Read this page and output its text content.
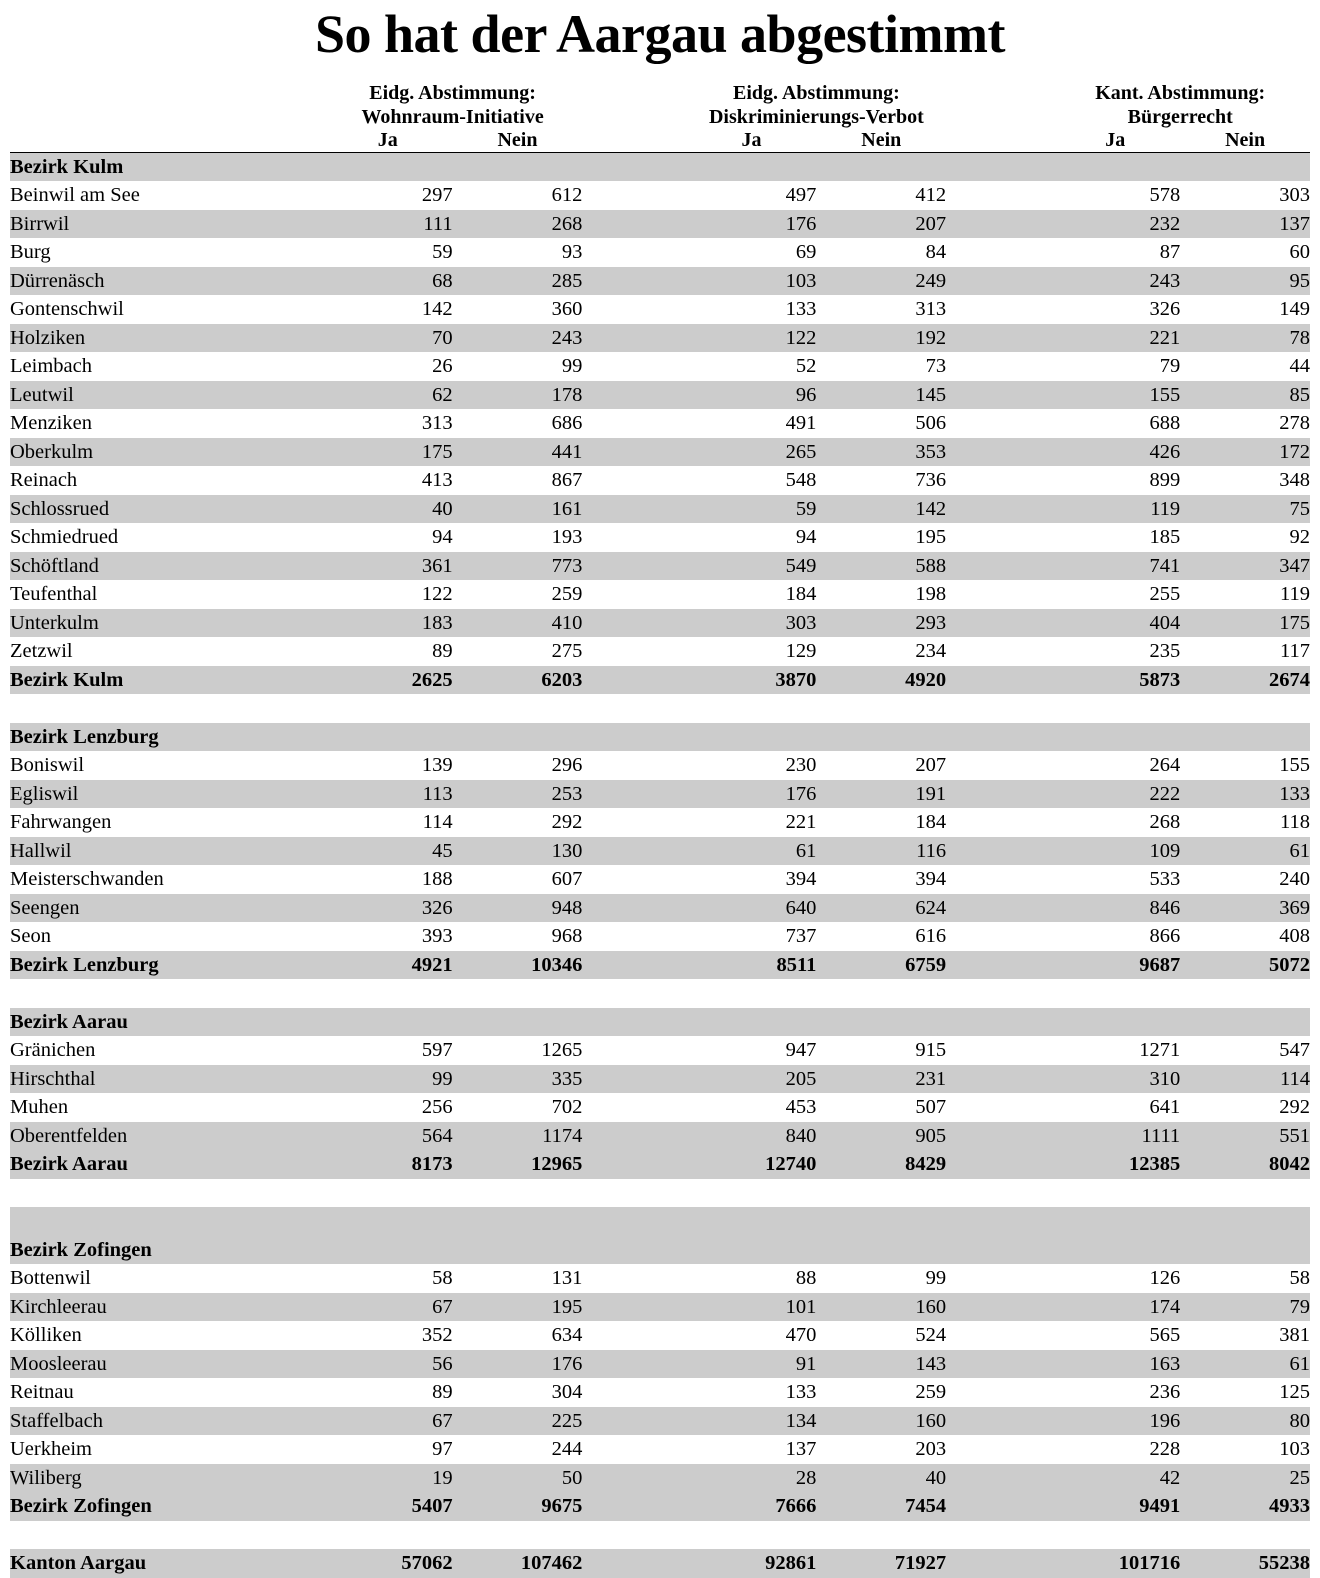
So hat der Aargau abgestimmt

Eidg. Abstimmung:
Wohnraum-Initiative

Eidg. Abstimmung:
Diskriminierungs-Verbot

Kant. Abstimmung:
Bürgerrecht

	Ja	Nein		Ja	Nein		Ja	Nein
Bezirk Kulm								
Beinwil am See	297	612		497	412		578	303
Birrwil	111	268		176	207		232	137
Burg	59	93		69	84		87	60
Dürrenäsch	68	285		103	249		243	95
Gontenschwil	142	360		133	313		326	149
Holziken	70	243		122	192		221	78
Leimbach	26	99		52	73		79	44
Leutwil	62	178		96	145		155	85
Menziken	313	686		491	506		688	278
Oberkulm	175	441		265	353		426	172
Reinach	413	867		548	736		899	348
Schlossrued	40	161		59	142		119	75
Schmiedrued	94	193		94	195		185	92
Schöftland	361	773		549	588		741	347
Teufenthal	122	259		184	198		255	119
Unterkulm	183	410		303	293		404	175
Zetzwil	89	275		129	234		235	117
Bezirk Kulm	2625	6203		3870	4920		5873	2674

Bezirk Lenzburg								
Boniswil	139	296		230	207		264	155
Egliswil	113	253		176	191		222	133
Fahrwangen	114	292		221	184		268	118
Hallwil	45	130		61	116		109	61
Meisterschwanden	188	607		394	394		533	240
Seengen	326	948		640	624		846	369
Seon	393	968		737	616		866	408
Bezirk Lenzburg	4921	10346		8511	6759		9687	5072

Bezirk Aarau								
Gränichen	597	1265		947	915		1271	547
Hirschthal	99	335		205	231		310	114
Muhen	256	702		453	507		641	292
Oberentfelden	564	1174		840	905		1111	551
Bezirk Aarau	8173	12965		12740	8429		12385	8042

Bezirk Zofingen								
Bottenwil	58	131		88	99		126	58
Kirchleerau	67	195		101	160		174	79
Kölliken	352	634		470	524		565	381
Moosleerau	56	176		91	143		163	61
Reitnau	89	304		133	259		236	125
Staffelbach	67	225		134	160		196	80
Uerkheim	97	244		137	203		228	103
Wiliberg	19	50		28	40		42	25
Bezirk Zofingen	5407	9675		7666	7454		9491	4933

Kanton Aargau	57062	107462		92861	71927		101716	55238
